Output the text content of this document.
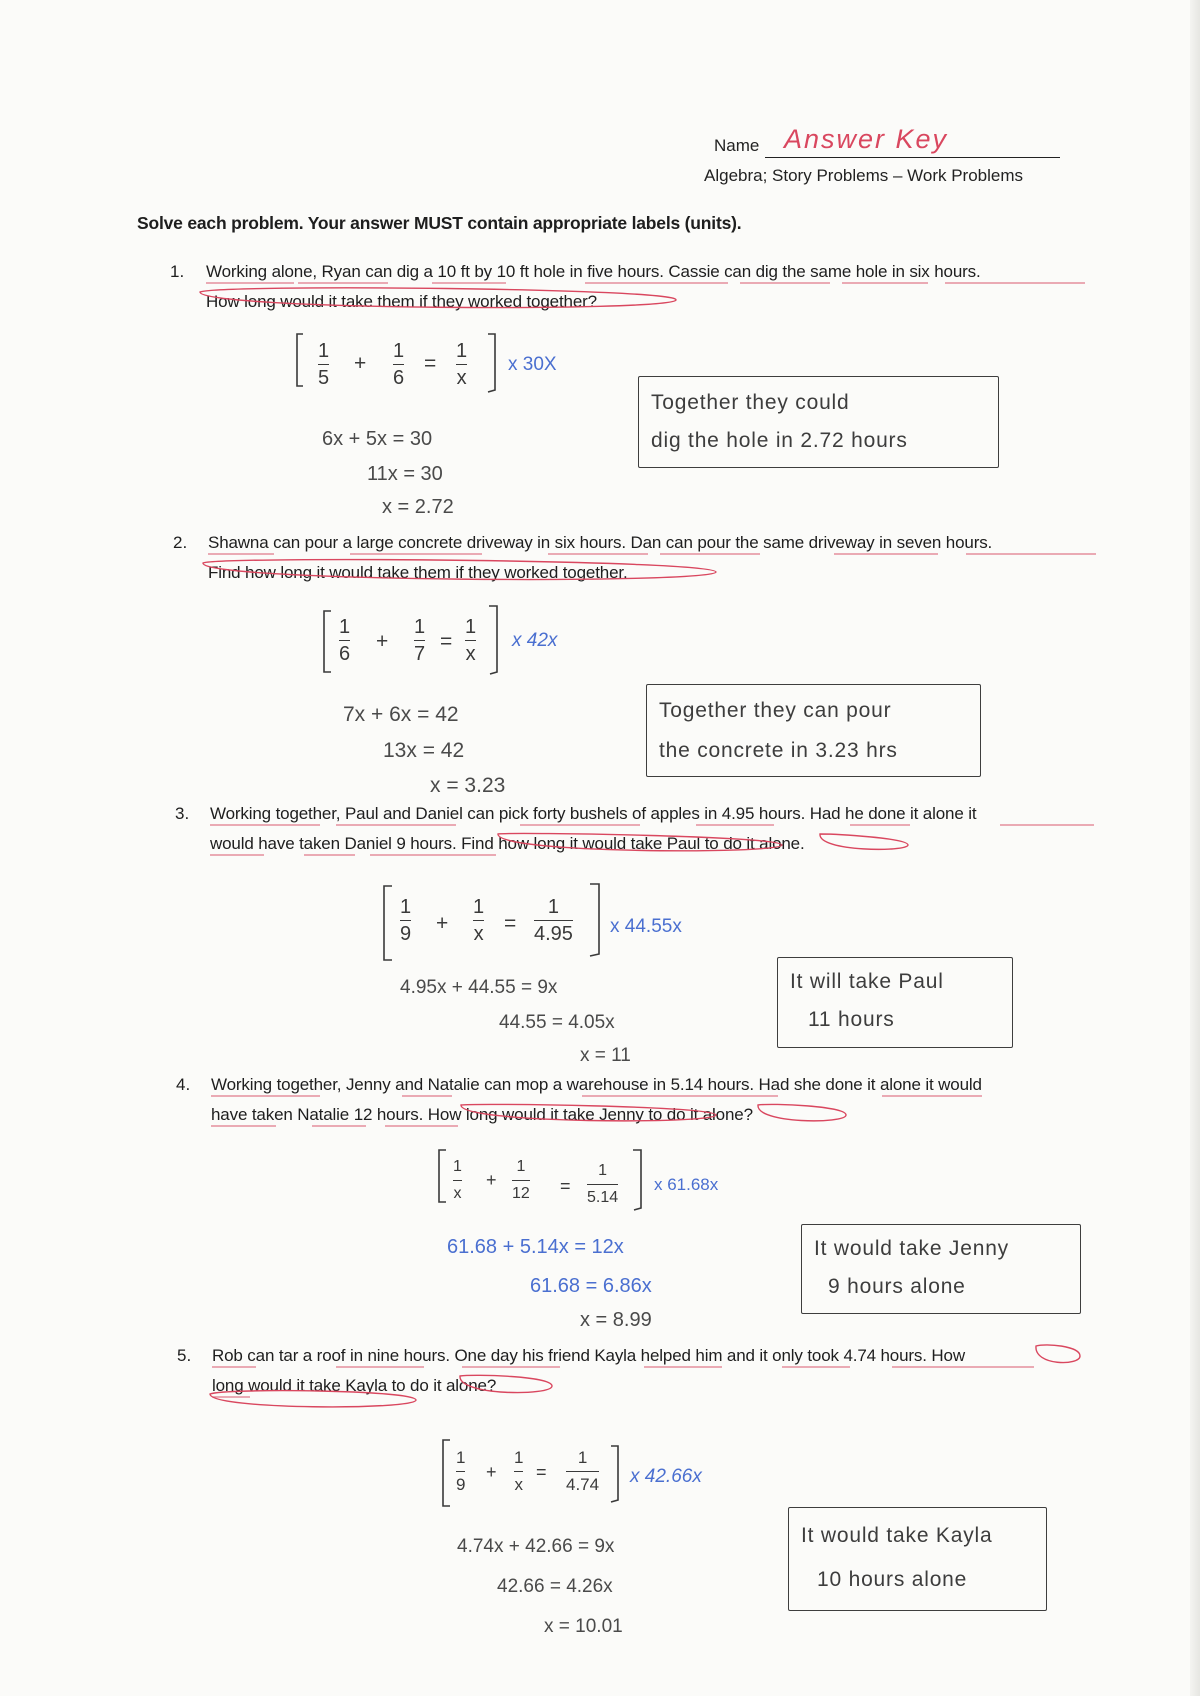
Name Answer Key
Algebra; Story Problems – Work Problems
Solve each problem. Your answer MUST contain appropriate labels (units).
1. Working alone, Ryan can dig a 10 ft by 10 ft hole in five hours. Cassie can dig the same hole in six hours.
How long would it take them if they worked together?
1
5
+
1
6
=
1
x
x 30X
6x + 5x = 30
11x = 30
x = 2.72
Together they could
dig the hole in 2.72 hours
2. Shawna can pour a large concrete driveway in six hours. Dan can pour the same driveway in seven hours.
Find how long it would take them if they worked together.
1
6
+
1
7
=
1
x
x 42x
7x + 6x = 42
13x = 42
x = 3.23
Together they can pour
the concrete in 3.23 hrs
3. Working together, Paul and Daniel can pick forty bushels of apples in 4.95 hours. Had he done it alone it
would have taken Daniel 9 hours. Find how long it would take Paul to do it alone.
1
9 +
1
x =
1
4.95 x 44.55x
4.95x + 44.55 = 9x
44.55 = 4.05x
x = 11
It will take Paul
11 hours
4. Working together, Jenny and Natalie can mop a warehouse in 5.14 hours. Had she done it alone it would
have taken Natalie 12 hours. How long would it take Jenny to do it alone?
1
x
+
1
12 =
1
5.14
x 61.68x
61.68 + 5.14x = 12x
61.68 = 6.86x
x = 8.99
It would take Jenny
9 hours alone
5. Rob can tar a roof in nine hours. One day his friend Kayla helped him and it only took 4.74 hours. How
long would it take Kayla to do it alone?
1
9
+
1
x
=
1
4.74 x 42.66x
4.74x + 42.66 = 9x
42.66 = 4.26x
x = 10.01
It would take Kayla
10 hours alone
